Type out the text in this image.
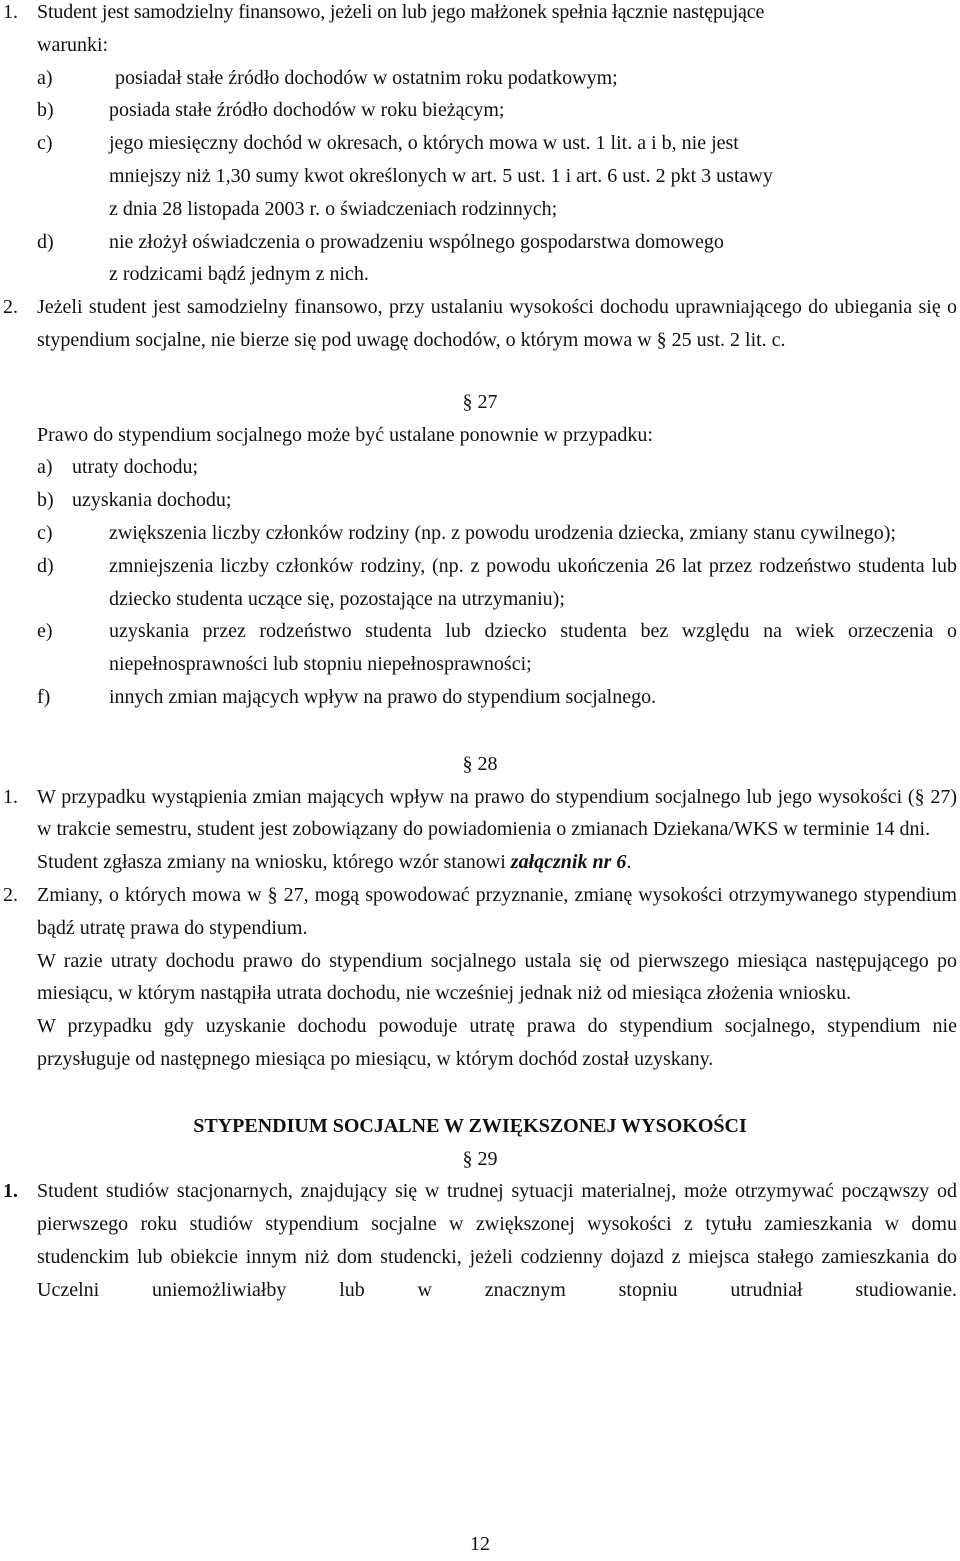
1. Student jest samodzielny finansowo, jeżeli on lub jego małżonek spełnia łącznie następujące
warunki:
a)	posiadał stałe źródło dochodów w ostatnim roku podatkowym;
b)	posiada stałe źródło dochodów w roku bieżącym;
c)	jego miesięczny dochód w okresach, o których mowa w ust. 1 lit. a i b, nie jest
mniejszy niż 1,30 sumy kwot określonych w art. 5 ust. 1 i art. 6 ust. 2 pkt 3 ustawy
z dnia 28 listopada 2003 r. o świadczeniach rodzinnych;
d)	nie złożył oświadczenia o prowadzeniu wspólnego gospodarstwa domowego
z rodzicami bądź jednym z nich.
2. Jeżeli student jest samodzielny finansowo, przy ustalaniu wysokości dochodu uprawniającego do ubiegania się o stypendium socjalne, nie bierze się pod uwagę dochodów, o którym mowa w § 25 ust. 2 lit. c.
§ 27
Prawo do stypendium socjalnego może być ustalane ponownie w przypadku:
a) utraty dochodu;
b) uzyskania dochodu;
c)	zwiększenia liczby członków rodziny (np. z powodu urodzenia dziecka, zmiany stanu cywilnego);
d)	zmniejszenia liczby członków rodziny, (np. z powodu ukończenia 26 lat przez rodzeństwo studenta lub dziecko studenta uczące się, pozostające na utrzymaniu);
e)	uzyskania przez rodzeństwo studenta lub dziecko studenta bez względu na wiek orzeczenia o niepełnosprawności lub stopniu niepełnosprawności;
f)	innych zmian mających wpływ na prawo do stypendium socjalnego.
§ 28
1. W przypadku wystąpienia zmian mających wpływ na prawo do stypendium socjalnego lub jego wysokości (§ 27) w trakcie semestru, student jest zobowiązany do powiadomienia o zmianach Dziekana/WKS w terminie 14 dni.
Student zgłasza zmiany na wniosku, którego wzór stanowi załącznik nr 6.
2. Zmiany, o których mowa w § 27, mogą spowodować przyznanie, zmianę wysokości otrzymywanego stypendium bądź utratę prawa do stypendium.
W razie utraty dochodu prawo do stypendium socjalnego ustala się od pierwszego miesiąca następującego po miesiącu, w którym nastąpiła utrata dochodu, nie wcześniej jednak niż od miesiąca złożenia wniosku.
W przypadku gdy uzyskanie dochodu powoduje utratę prawa do stypendium socjalnego, stypendium nie przysługuje od następnego miesiąca po miesiącu, w którym dochód został uzyskany.
STYPENDIUM SOCJALNE W ZWIĘKSZONEJ WYSOKOŚCI
§ 29
1. Student studiów stacjonarnych, znajdujący się w trudnej sytuacji materialnej, może otrzymywać począwszy od pierwszego roku studiów stypendium socjalne w zwiększonej wysokości z tytułu zamieszkania w domu studenckim lub obiekcie innym niż dom studencki, jeżeli codzienny dojazd z miejsca stałego zamieszkania do Uczelni uniemożliwiałby lub w znacznym stopniu utrudniał studiowanie.
12
